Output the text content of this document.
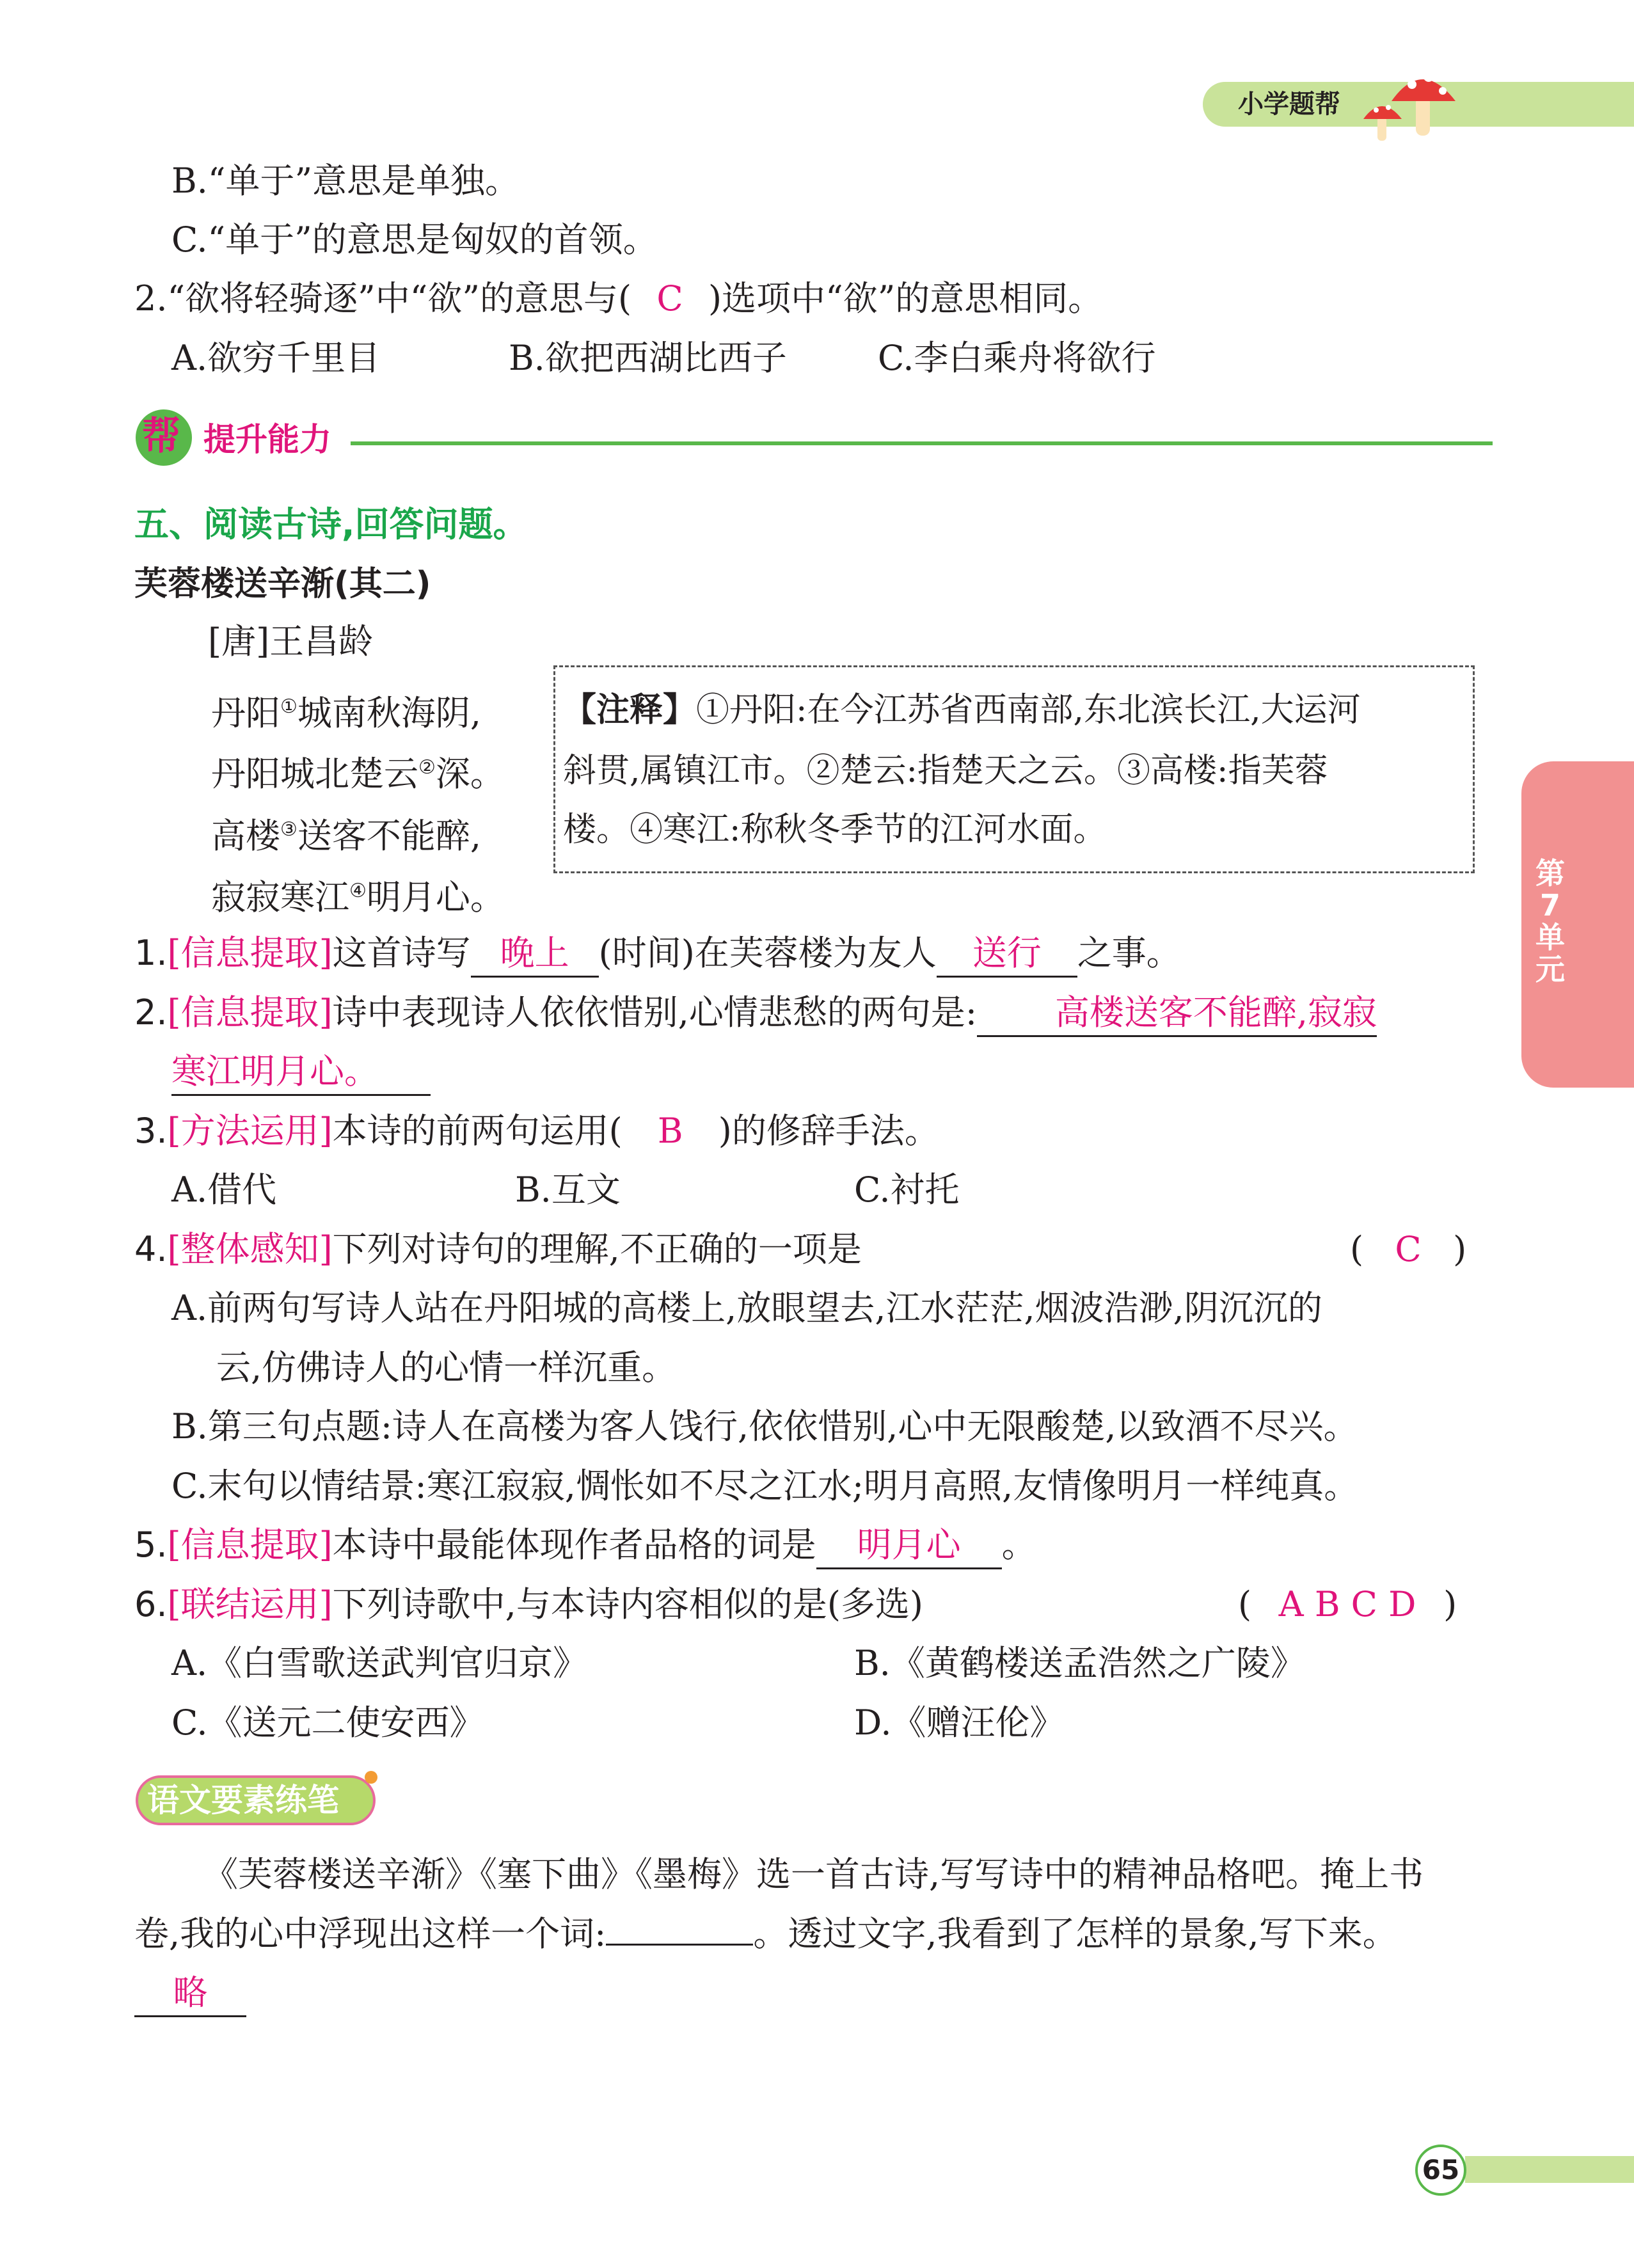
小学题帮
B.“单于”意思是单独。
C.“单于”的意思是匈奴的首领。
2.“欲将轻骑逐”中“欲”的意思与( C )选项中“欲”的意思相同。
A.欲穷千里目	B.欲把西湖比西子	C.李白乘舟将欲行
帮 提升能力
五、阅读古诗,回答问题。
芙蓉楼送辛渐(其二)
[唐]王昌龄
丹阳①城南秋海阴,
丹阳城北楚云②深。
高楼③送客不能醉,
寂寂寒江④明月心。
【注释】①丹阳:在今江苏省西南部,东北滨长江,大运河
斜贯,属镇江市。②楚云:指楚天之云。③高楼:指芙蓉
楼。④寒江:称秋冬季节的江河水面。
1.[信息提取]这首诗写 晚上 (时间)在芙蓉楼为友人 送行 之事。
2.[信息提取]诗中表现诗人依依惜别,心情悲愁的两句是: 高楼送客不能醉,寂寂
寒江明月心。
3.[方法运用]本诗的前两句运用( B )的修辞手法。
A.借代	B.互文	C.衬托
4.[整体感知]下列对诗句的理解,不正确的一项是	( C )
A.前两句写诗人站在丹阳城的高楼上,放眼望去,江水茫茫,烟波浩渺,阴沉沉的
云,仿佛诗人的心情一样沉重。
B.第三句点题:诗人在高楼为客人饯行,依依惜别,心中无限酸楚,以致酒不尽兴。
C.末句以情结景:寒江寂寂,惆怅如不尽之江水;明月高照,友情像明月一样纯真。
5.[信息提取]本诗中最能体现作者品格的词是 明月心 。
6.[联结运用]下列诗歌中,与本诗内容相似的是(多选)	( A B C D )
A.《白雪歌送武判官归京》	B.《黄鹤楼送孟浩然之广陵》
C.《送元二使安西》	D.《赠汪伦》
语文要素练笔
《芙蓉楼送辛渐》《塞下曲》《墨梅》选一首古诗,写写诗中的精神品格吧。掩上书
卷,我的心中浮现出这样一个词:	。透过文字,我看到了怎样的景象,写下来。
略
第7单元
65
